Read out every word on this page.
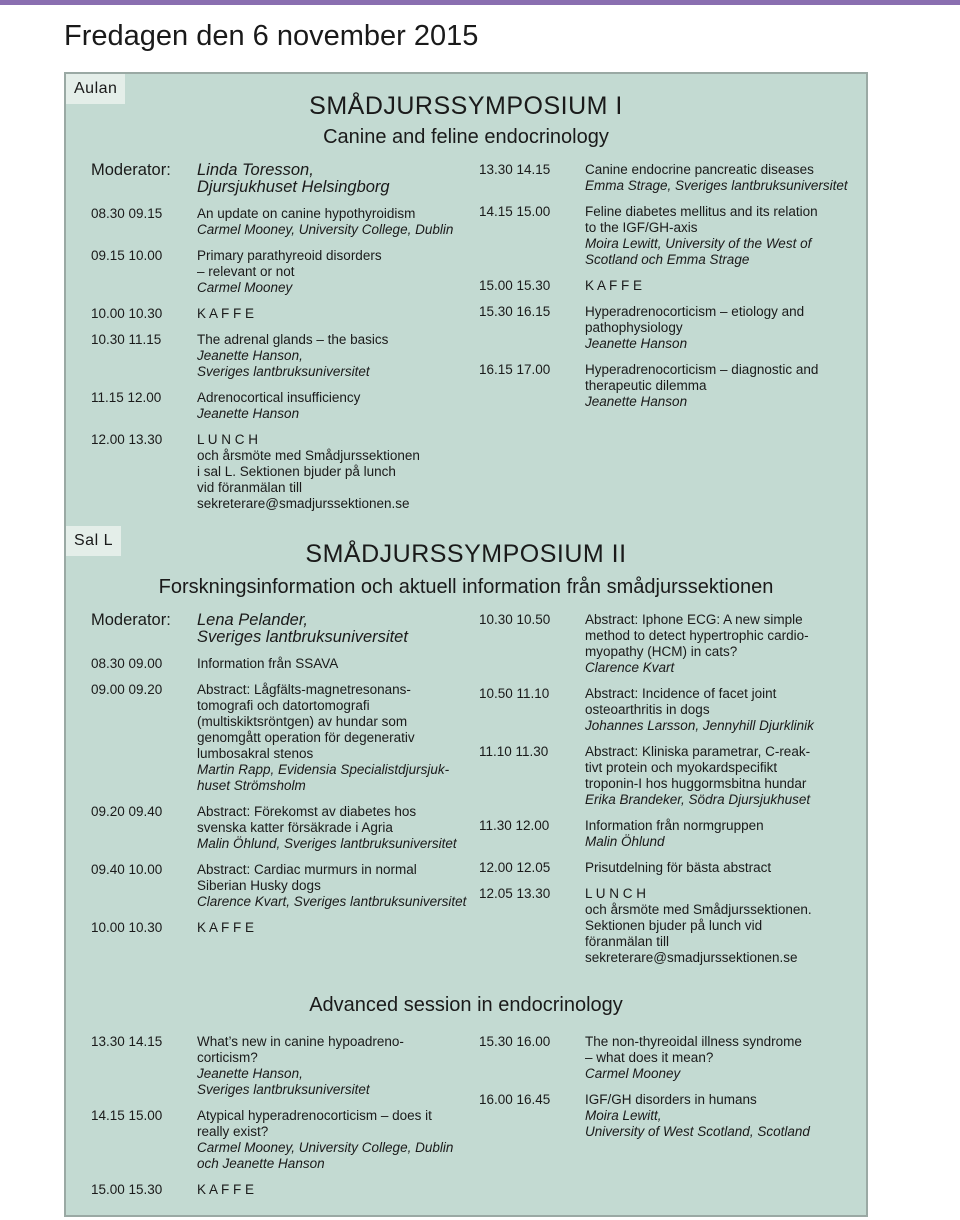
Fredagen den 6 november 2015
Aulan
SMÅDJURSSYMPOSIUM I
Canine and feline endocrinology
Moderator:	Linda Toresson,
Djursjukhuset Helsingborg
08.30 09.15	An update on canine hypothyroidism
Carmel Mooney, University College, Dublin
09.15 10.00	Primary parathyreoid disorders
– relevant or not
Carmel Mooney
10.00 10.30	K A F F E
10.30 11.15	The adrenal glands – the basics
Jeanette Hanson,
Sveriges lantbruksuniversitet
11.15 12.00	Adrenocortical insufficiency
Jeanette Hanson
12.00 13.30	L U N C H
och årsmöte med Smådjurssektionen
i sal L. Sektionen bjuder på lunch
vid föranmälan till
sekreterare@smadjurssektionen.se
13.30 14.15	Canine endocrine pancreatic diseases
Emma Strage, Sveriges lantbruksuniversitet
14.15 15.00	Feline diabetes mellitus and its relation
to the IGF/GH-axis
Moira Lewitt, University of the West of
Scotland och Emma Strage
15.00 15.30	K A F F E
15.30 16.15	Hyperadrenocorticism – etiology and
pathophysiology
Jeanette Hanson
16.15 17.00	Hyperadrenocorticism – diagnostic and
therapeutic dilemma
Jeanette Hanson
Sal L	SMÅDJURSSYMPOSIUM II
Forskningsinformation och aktuell information från smådjurssektionen
Moderator:	Lena Pelander,
Sveriges lantbruksuniversitet
08.30 09.00	Information från SSAVA
09.00 09.20	Abstract: Lågfälts-magnetresonans-
tomografi och datortomografi
(multiskiktsröntgen) av hundar som
genomgått operation för degenerativ
lumbosakral stenos
Martin Rapp, Evidensia Specialistdjursjuk-
huset Strömsholm
09.20 09.40	Abstract: Förekomst av diabetes hos
svenska katter försäkrade i Agria
Malin Öhlund, Sveriges lantbruksuniversitet
09.40 10.00	Abstract: Cardiac murmurs in normal
Siberian Husky dogs
Clarence Kvart, Sveriges lantbruksuniversitet
10.00 10.30	K A F F E
10.30 10.50	Abstract: Iphone ECG: A new simple
method to detect hypertrophic cardio-
myopathy (HCM) in cats?
Clarence Kvart
10.50 11.10	Abstract: Incidence of facet joint
osteoarthritis in dogs
Johannes Larsson, Jennyhill Djurklinik
11.10 11.30	Abstract: Kliniska parametrar, C-reak-
tivt protein och myokardspecifikt
troponin-I hos huggormsbitna hundar
Erika Brandeker, Södra Djursjukhuset
11.30 12.00	Information från normgruppen
Malin Öhlund
12.00 12.05	Prisutdelning för bästa abstract
12.05 13.30	L U N C H
och årsmöte med Smådjurssektionen.
Sektionen bjuder på lunch vid
föranmälan till
sekreterare@smadjurssektionen.se
Advanced session in endocrinology
13.30 14.15	What’s new in canine hypoadreno-
corticism?
Jeanette Hanson,
Sveriges lantbruksuniversitet
14.15 15.00	Atypical hyperadrenocorticism – does it
really exist?
Carmel Mooney, University College, Dublin
och Jeanette Hanson
15.00 15.30	K A F F E
15.30 16.00	The non-thyreoidal illness syndrome
– what does it mean?
Carmel Mooney
16.00 16.45	IGF/GH disorders in humans
Moira Lewitt,
University of West Scotland, Scotland
